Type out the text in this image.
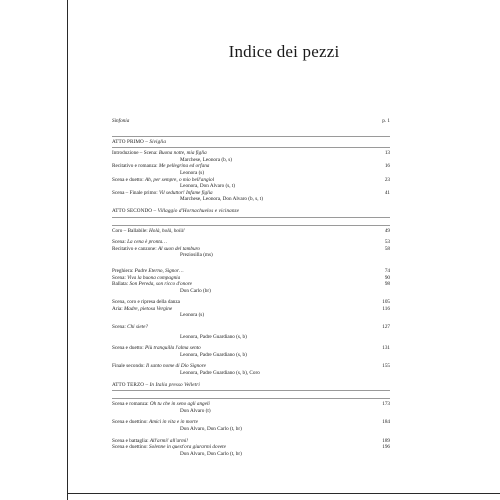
Indice dei pezzi
Sinfonia	p. 1
ATTO PRIMO – Siviglia
Introduzione – Scena: Buona notte, mia figlia	13
Marchese, Leonora (b, s)
Recitativo e romanza: Me pellegrina ed orfana	16
Leonora (s)
Scena e duetto: Ah, per sempre, o mio bell'angiol	23
Leonora, Don Alvaro (s, t)
Scena – Finale primo: Vil seduttor! Infame figlia	41
Marchese, Leonora, Don Alvaro (b, s, t)
ATTO SECONDO – Villaggio d'Hornachuelos e vicinanze
Coro – Ballabile: Holà, holà, holà!	49
Scena: La cena è pronta…	53
Recitativo e canzone: Al suon del tamburo	58
Preziosilla (ms)
Preghiera: Padre Eterno, Signor…	74
Scena: Viva la buona compagnia	90
Ballata: Son Pereda, son ricco d'onore	98
Don Carlo (br)
Scena, coro e ripresa della danza	105
Aria: Madre, pietosa Vergine	116
Leonora (s)
Scena: Chi siete?	127
Leonora, Padre Guardiano (s, b)
Scena e duetto: Più tranquilla l'alma sento	131
Leonora, Padre Guardiano (s, b)
Finale secondo: Il santo nome di Dio Signore	155
Leonora, Padre Guardiano (s, b), Coro
ATTO TERZO – In Italia presso Velletri
Scena e romanza: Oh tu che in seno agli angeli	173
Don Alvaro (t)
Scena e duettino: Amici in vita e in morte	184
Don Alvaro, Don Carlo (t, br)
Scena e battaglia: All'armi! all'armi!	189
Scena e duettino: Solenne in quest'ora giurarmi dovete	196
Don Alvaro, Don Carlo (t, br)
